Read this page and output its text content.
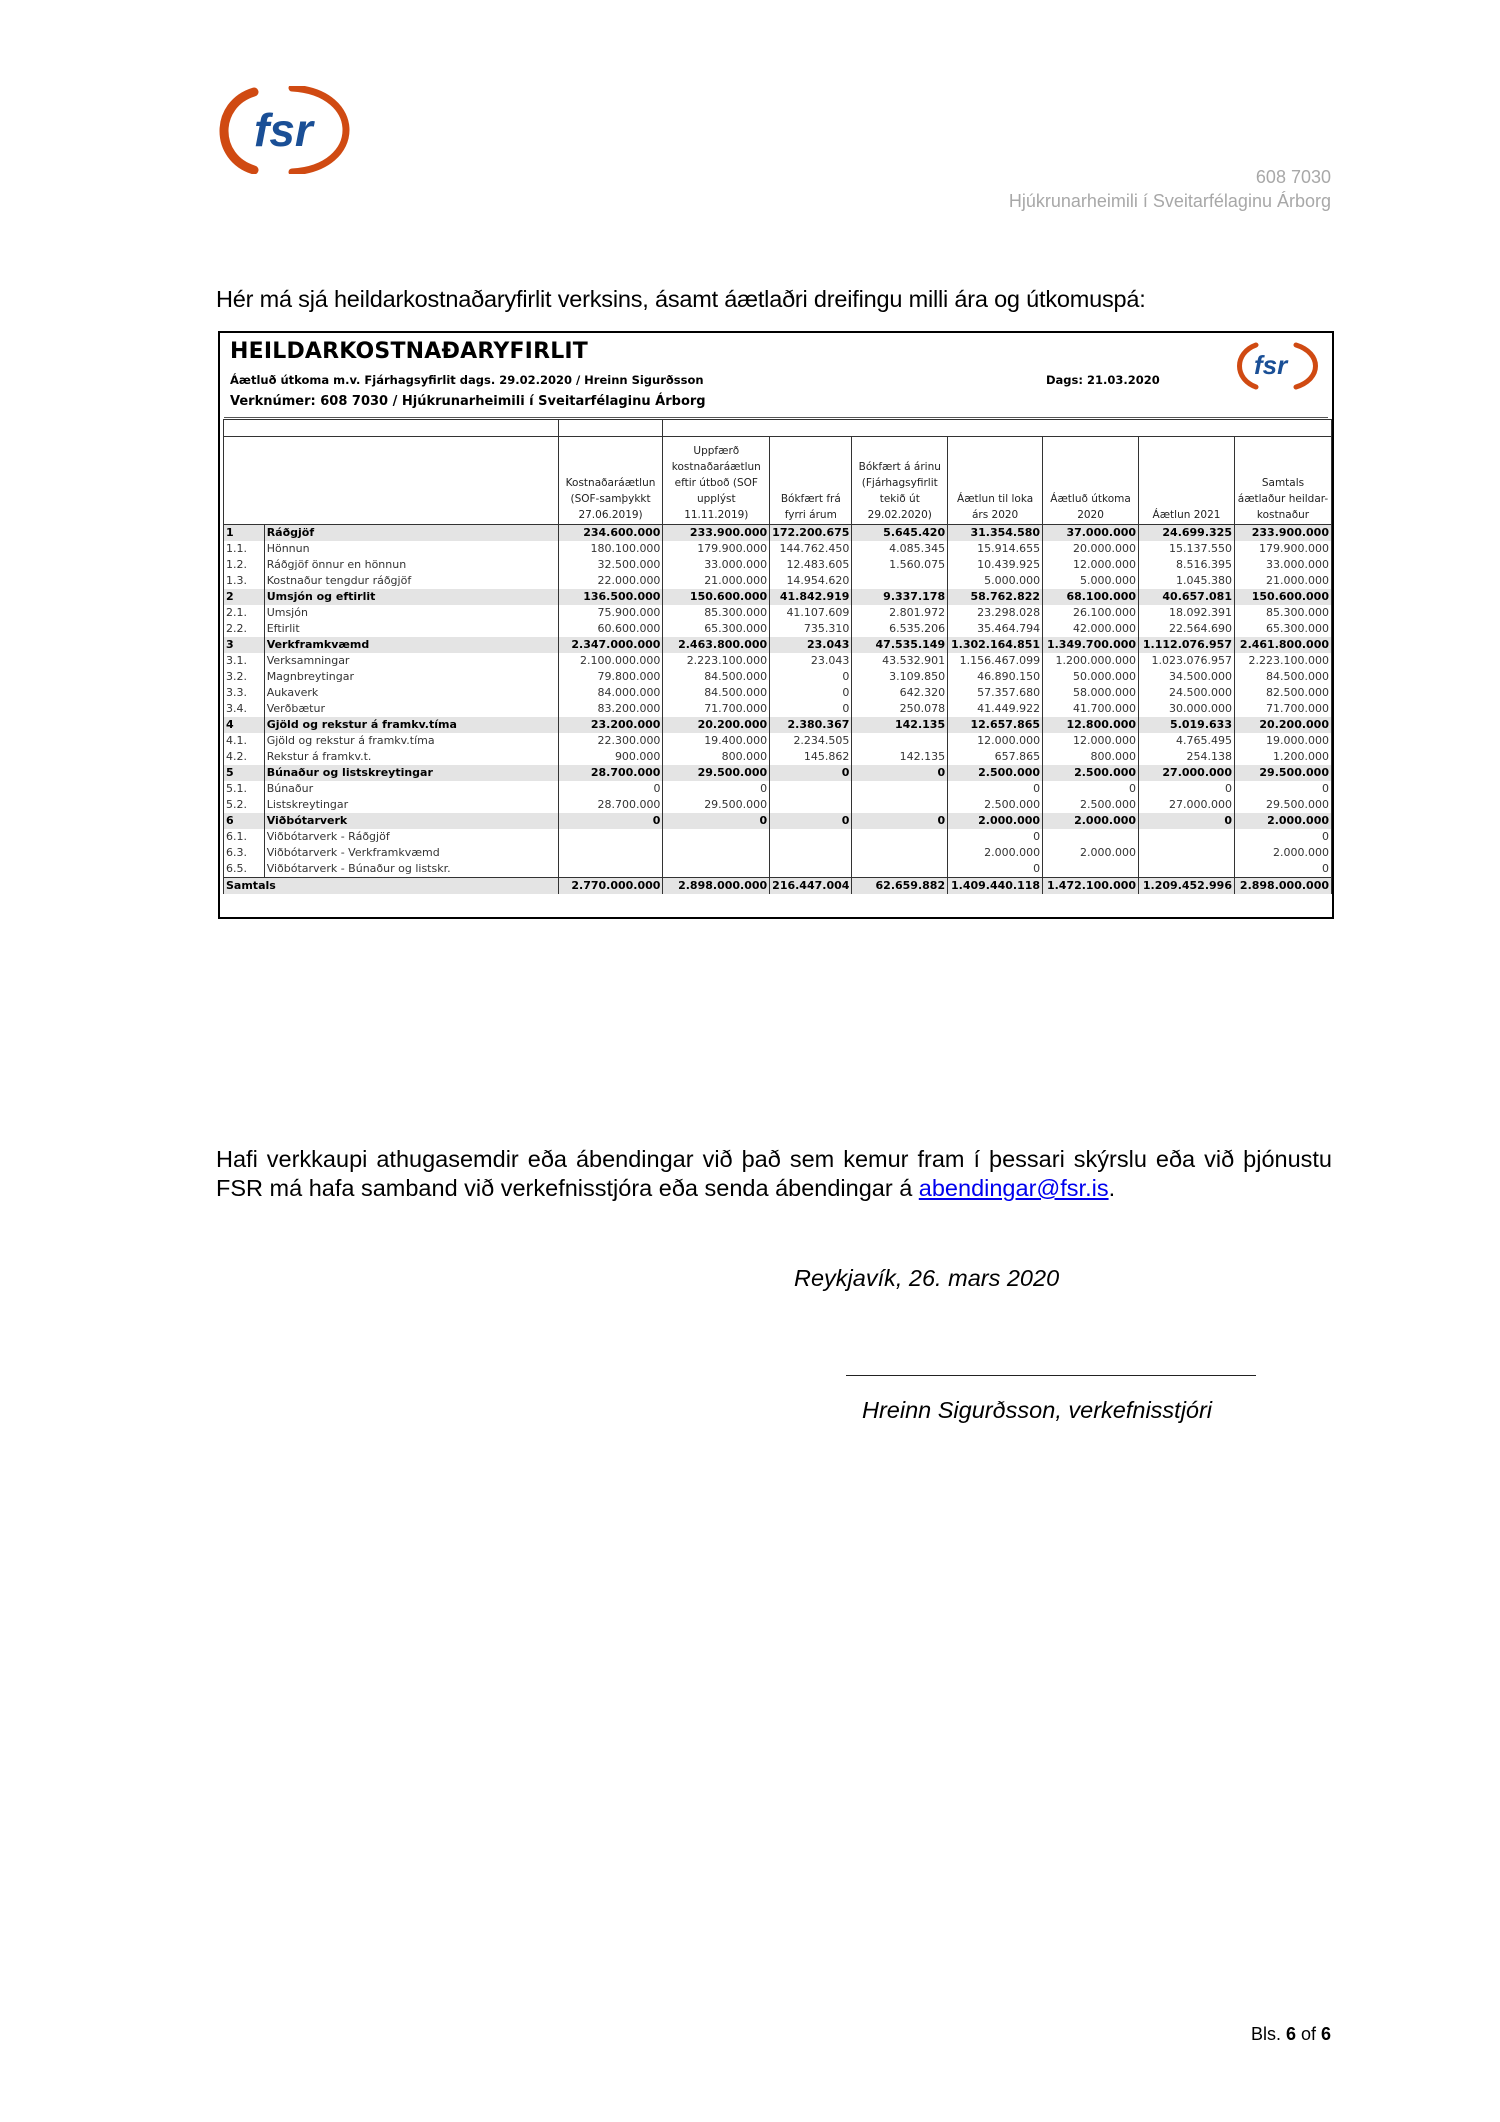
fsr
608 7030
Hjúkrunarheimili í Sveitarfélaginu Árborg
Hér má sjá heildarkostnaðaryfirlit verksins, ásamt áætlaðri dreifingu milli ára og útkomuspá:
HEILDARKOSTNAÐARYFIRLIT
Áætluð útkoma m.v. Fjárhagsyfirlit dags. 29.02.2020 / Hreinn Sigurðsson
Verknúmer: 608 7030 / Hjúkrunarheimili í Sveitarfélaginu Árborg
Dags: 21.03.2020	fsr

		Kostnaðaráætlun (SOF-samþykkt 27.06.2019)	Uppfærð kostnaðaráætlun eftir útboð (SOF upplýst 11.11.2019)	Bókfært frá fyrri árum	Bókfært á árinu (Fjárhagsyfirlit tekið út 29.02.2020)	Áætlun til loka árs 2020	Áætluð útkoma 2020	Áætlun 2021	Samtals áætlaður heildar-kostnaður
1	Ráðgjöf	234.600.000	233.900.000	172.200.675	5.645.420	31.354.580	37.000.000	24.699.325	233.900.000
1.1.	Hönnun	180.100.000	179.900.000	144.762.450	4.085.345	15.914.655	20.000.000	15.137.550	179.900.000
1.2.	Ráðgjöf önnur en hönnun	32.500.000	33.000.000	12.483.605	1.560.075	10.439.925	12.000.000	8.516.395	33.000.000
1.3.	Kostnaður tengdur ráðgjöf	22.000.000	21.000.000	14.954.620		5.000.000	5.000.000	1.045.380	21.000.000
2	Umsjón og eftirlit	136.500.000	150.600.000	41.842.919	9.337.178	58.762.822	68.100.000	40.657.081	150.600.000
2.1.	Umsjón	75.900.000	85.300.000	41.107.609	2.801.972	23.298.028	26.100.000	18.092.391	85.300.000
2.2.	Eftirlit	60.600.000	65.300.000	735.310	6.535.206	35.464.794	42.000.000	22.564.690	65.300.000
3	Verkframkvæmd	2.347.000.000	2.463.800.000	23.043	47.535.149	1.302.164.851	1.349.700.000	1.112.076.957	2.461.800.000
3.1.	Verksamningar	2.100.000.000	2.223.100.000	23.043	43.532.901	1.156.467.099	1.200.000.000	1.023.076.957	2.223.100.000
3.2.	Magnbreytingar	79.800.000	84.500.000	0	3.109.850	46.890.150	50.000.000	34.500.000	84.500.000
3.3.	Aukaverk	84.000.000	84.500.000	0	642.320	57.357.680	58.000.000	24.500.000	82.500.000
3.4.	Verðbætur	83.200.000	71.700.000	0	250.078	41.449.922	41.700.000	30.000.000	71.700.000
4	Gjöld og rekstur á framkv.tíma	23.200.000	20.200.000	2.380.367	142.135	12.657.865	12.800.000	5.019.633	20.200.000
4.1.	Gjöld og rekstur á framkv.tíma	22.300.000	19.400.000	2.234.505		12.000.000	12.000.000	4.765.495	19.000.000
4.2.	Rekstur á framkv.t.	900.000	800.000	145.862	142.135	657.865	800.000	254.138	1.200.000
5	Búnaður og listskreytingar	28.700.000	29.500.000	0	0	2.500.000	2.500.000	27.000.000	29.500.000
5.1.	Búnaður	0	0			0	0	0	0
5.2.	Listskreytingar	28.700.000	29.500.000			2.500.000	2.500.000	27.000.000	29.500.000
6	Viðbótarverk	0	0	0	0	2.000.000	2.000.000	0	2.000.000
6.1.	Viðbótarverk - Ráðgjöf					0			0
6.3.	Viðbótarverk - Verkframkvæmd					2.000.000	2.000.000		2.000.000
6.5.	Viðbótarverk - Búnaður og listskr.					0			0
Samtals		2.770.000.000	2.898.000.000	216.447.004	62.659.882	1.409.440.118	1.472.100.000	1.209.452.996	2.898.000.000
Hafi verkkaupi athugasemdir eða ábendingar við það sem kemur fram í þessari skýrslu eða við þjónustu FSR má hafa samband við verkefnisstjóra eða senda ábendingar á abendingar@fsr.is.
Reykjavík, 26. mars 2020
Hreinn Sigurðsson, verkefnisstjóri
Bls. 6 of 6
